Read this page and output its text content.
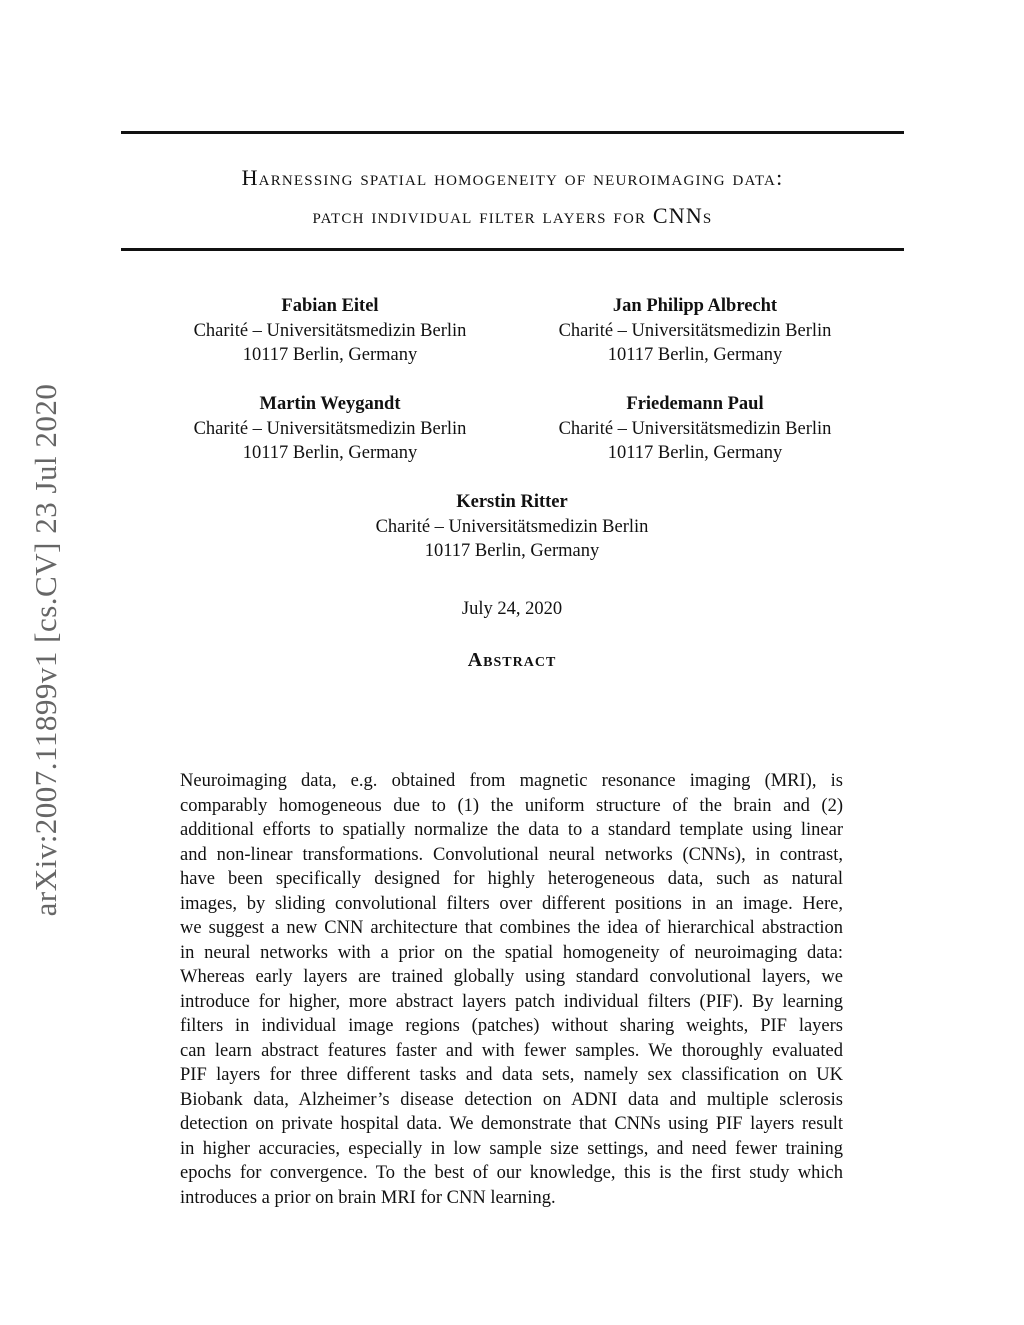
arXiv:2007.11899v1 [cs.CV] 23 Jul 2020
Harnessing spatial homogeneity of neuroimaging data:
patch individual filter layers for CNNs
Fabian Eitel
Charité – Universitätsmedizin Berlin
10117 Berlin, Germany
Jan Philipp Albrecht
Charité – Universitätsmedizin Berlin
10117 Berlin, Germany
Martin Weygandt
Charité – Universitätsmedizin Berlin
10117 Berlin, Germany
Friedemann Paul
Charité – Universitätsmedizin Berlin
10117 Berlin, Germany
Kerstin Ritter
Charité – Universitätsmedizin Berlin
10117 Berlin, Germany
July 24, 2020
Abstract
Neuroimaging data, e.g. obtained from magnetic resonance imaging (MRI), is
comparably homogeneous due to (1) the uniform structure of the brain and (2)
additional efforts to spatially normalize the data to a standard template using linear
and non-linear transformations. Convolutional neural networks (CNNs), in contrast,
have been specifically designed for highly heterogeneous data, such as natural
images, by sliding convolutional filters over different positions in an image. Here,
we suggest a new CNN architecture that combines the idea of hierarchical abstraction
in neural networks with a prior on the spatial homogeneity of neuroimaging data:
Whereas early layers are trained globally using standard convolutional layers, we
introduce for higher, more abstract layers patch individual filters (PIF). By learning
filters in individual image regions (patches) without sharing weights, PIF layers
can learn abstract features faster and with fewer samples. We thoroughly evaluated
PIF layers for three different tasks and data sets, namely sex classification on UK
Biobank data, Alzheimer’s disease detection on ADNI data and multiple sclerosis
detection on private hospital data. We demonstrate that CNNs using PIF layers result
in higher accuracies, especially in low sample size settings, and need fewer training
epochs for convergence. To the best of our knowledge, this is the first study which
introduces a prior on brain MRI for CNN learning.
